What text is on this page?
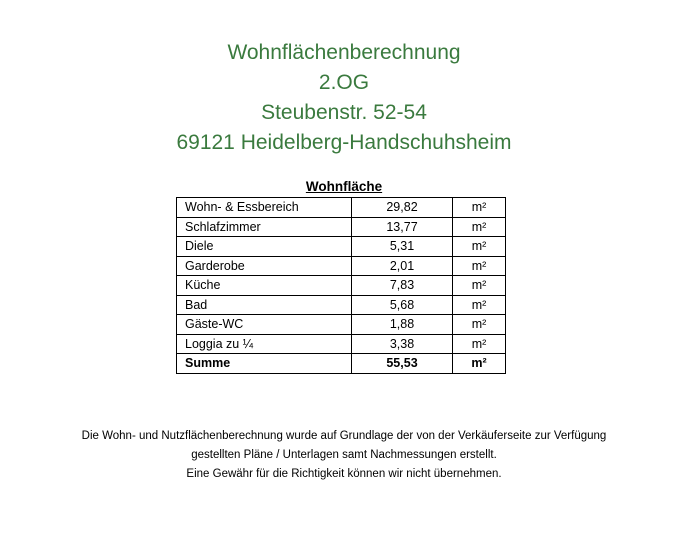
Wohnflächenberechnung
2.OG
Steubenstr. 52-54
69121 Heidelberg-Handschuhsheim
Wohnfläche
Wohn- & Essbereich	29,82	m²
Schlafzimmer	13,77	m²
Diele	5,31	m²
Garderobe	2,01	m²
Küche	7,83	m²
Bad	5,68	m²
Gäste-WC	1,88	m²
Loggia zu ¼	3,38	m²
Summe	55,53	m²
Die Wohn- und Nutzflächenberechnung wurde auf Grundlage der von der Verkäuferseite zur Verfügung
gestellten Pläne / Unterlagen samt Nachmessungen erstellt.
Eine Gewähr für die Richtigkeit können wir nicht übernehmen.
